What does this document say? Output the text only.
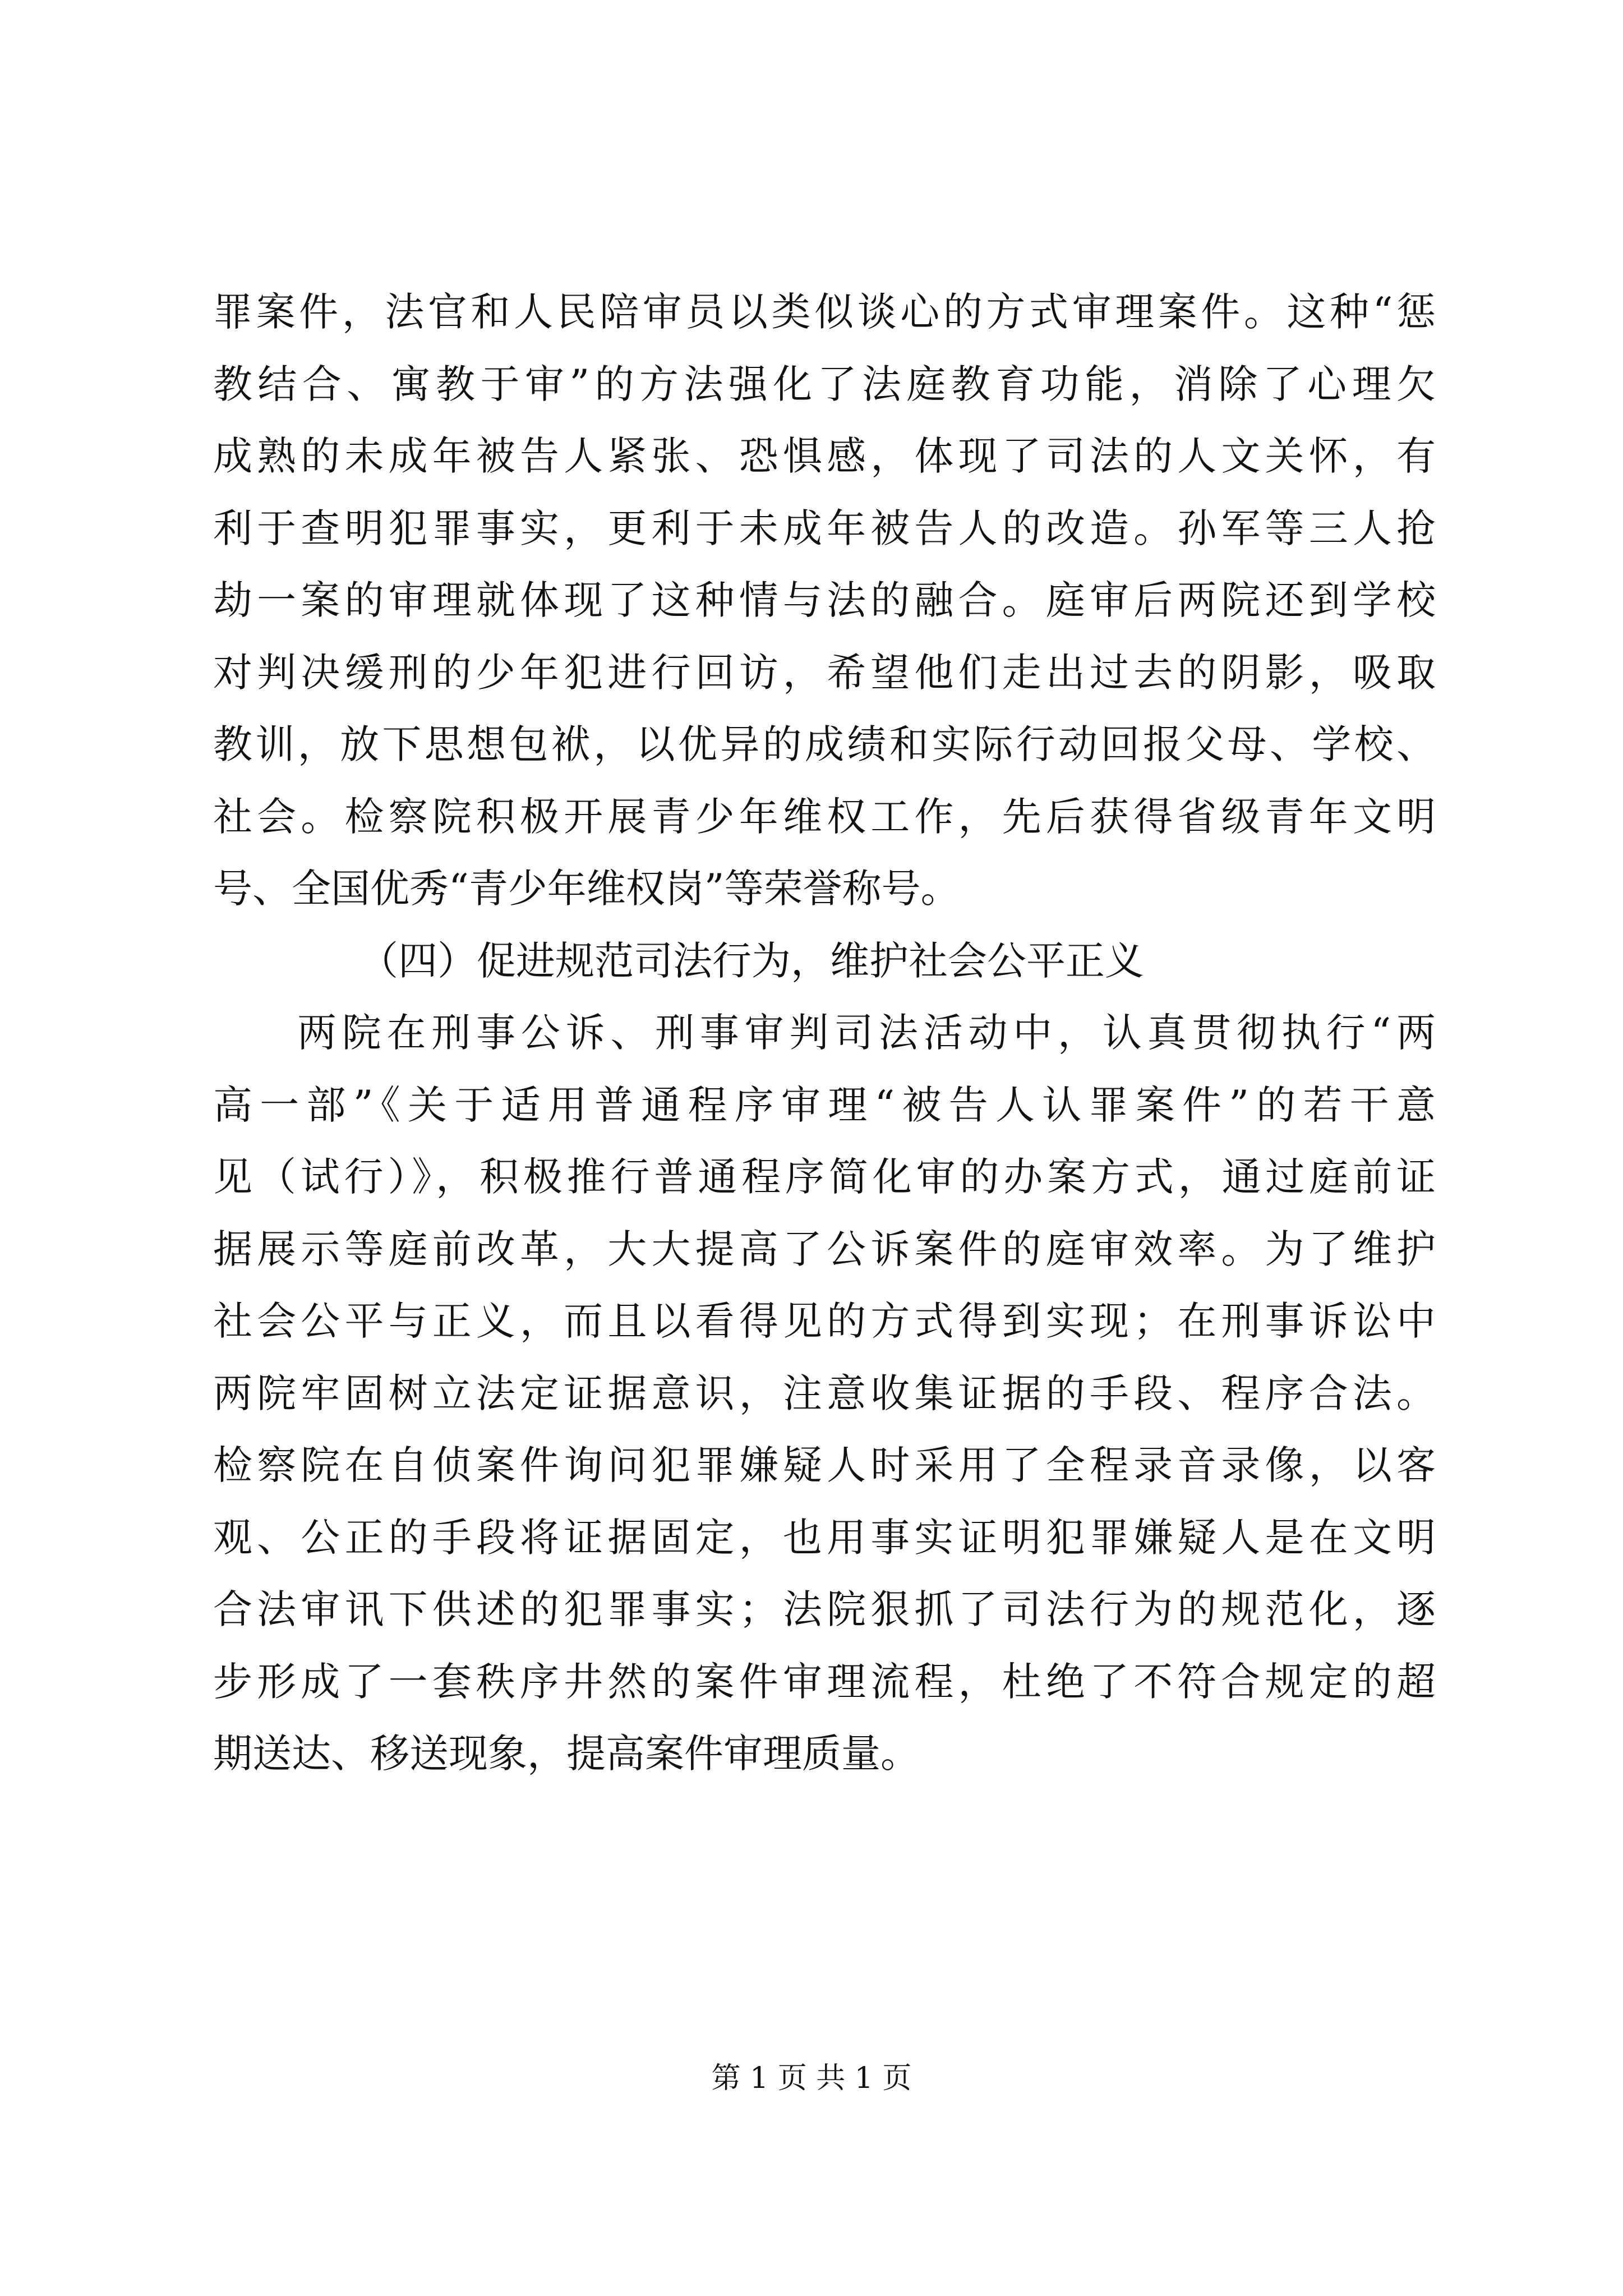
罪案件，法官和人民陪审员以类似谈心的方式审理案件。这种“惩
教结合、寓教于审”的方法强化了法庭教育功能，消除了心理欠
成熟的未成年被告人紧张、恐惧感，体现了司法的人文关怀，有
利于查明犯罪事实，更利于未成年被告人的改造。孙军等三人抢
劫一案的审理就体现了这种情与法的融合。庭审后两院还到学校
对判决缓刑的少年犯进行回访，希望他们走出过去的阴影，吸取
教训，放下思想包袱，以优异的成绩和实际行动回报父母、学校、
社会。检察院积极开展青少年维权工作，先后获得省级青年文明
号、全国优秀“青少年维权岗”等荣誉称号。
（四）促进规范司法行为，维护社会公平正义
两院在刑事公诉、刑事审判司法活动中，认真贯彻执行“两
高一部”《关于适用普通程序审理“被告人认罪案件”的若干意
见（试行）》，积极推行普通程序简化审的办案方式，通过庭前证
据展示等庭前改革，大大提高了公诉案件的庭审效率。为了维护
社会公平与正义，而且以看得见的方式得到实现；在刑事诉讼中
两院牢固树立法定证据意识，注意收集证据的手段、程序合法。
检察院在自侦案件询问犯罪嫌疑人时采用了全程录音录像，以客
观、公正的手段将证据固定，也用事实证明犯罪嫌疑人是在文明
合法审讯下供述的犯罪事实；法院狠抓了司法行为的规范化，逐
步形成了一套秩序井然的案件审理流程，杜绝了不符合规定的超
期送达、移送现象，提高案件审理质量。
第 1 页 共 1 页
